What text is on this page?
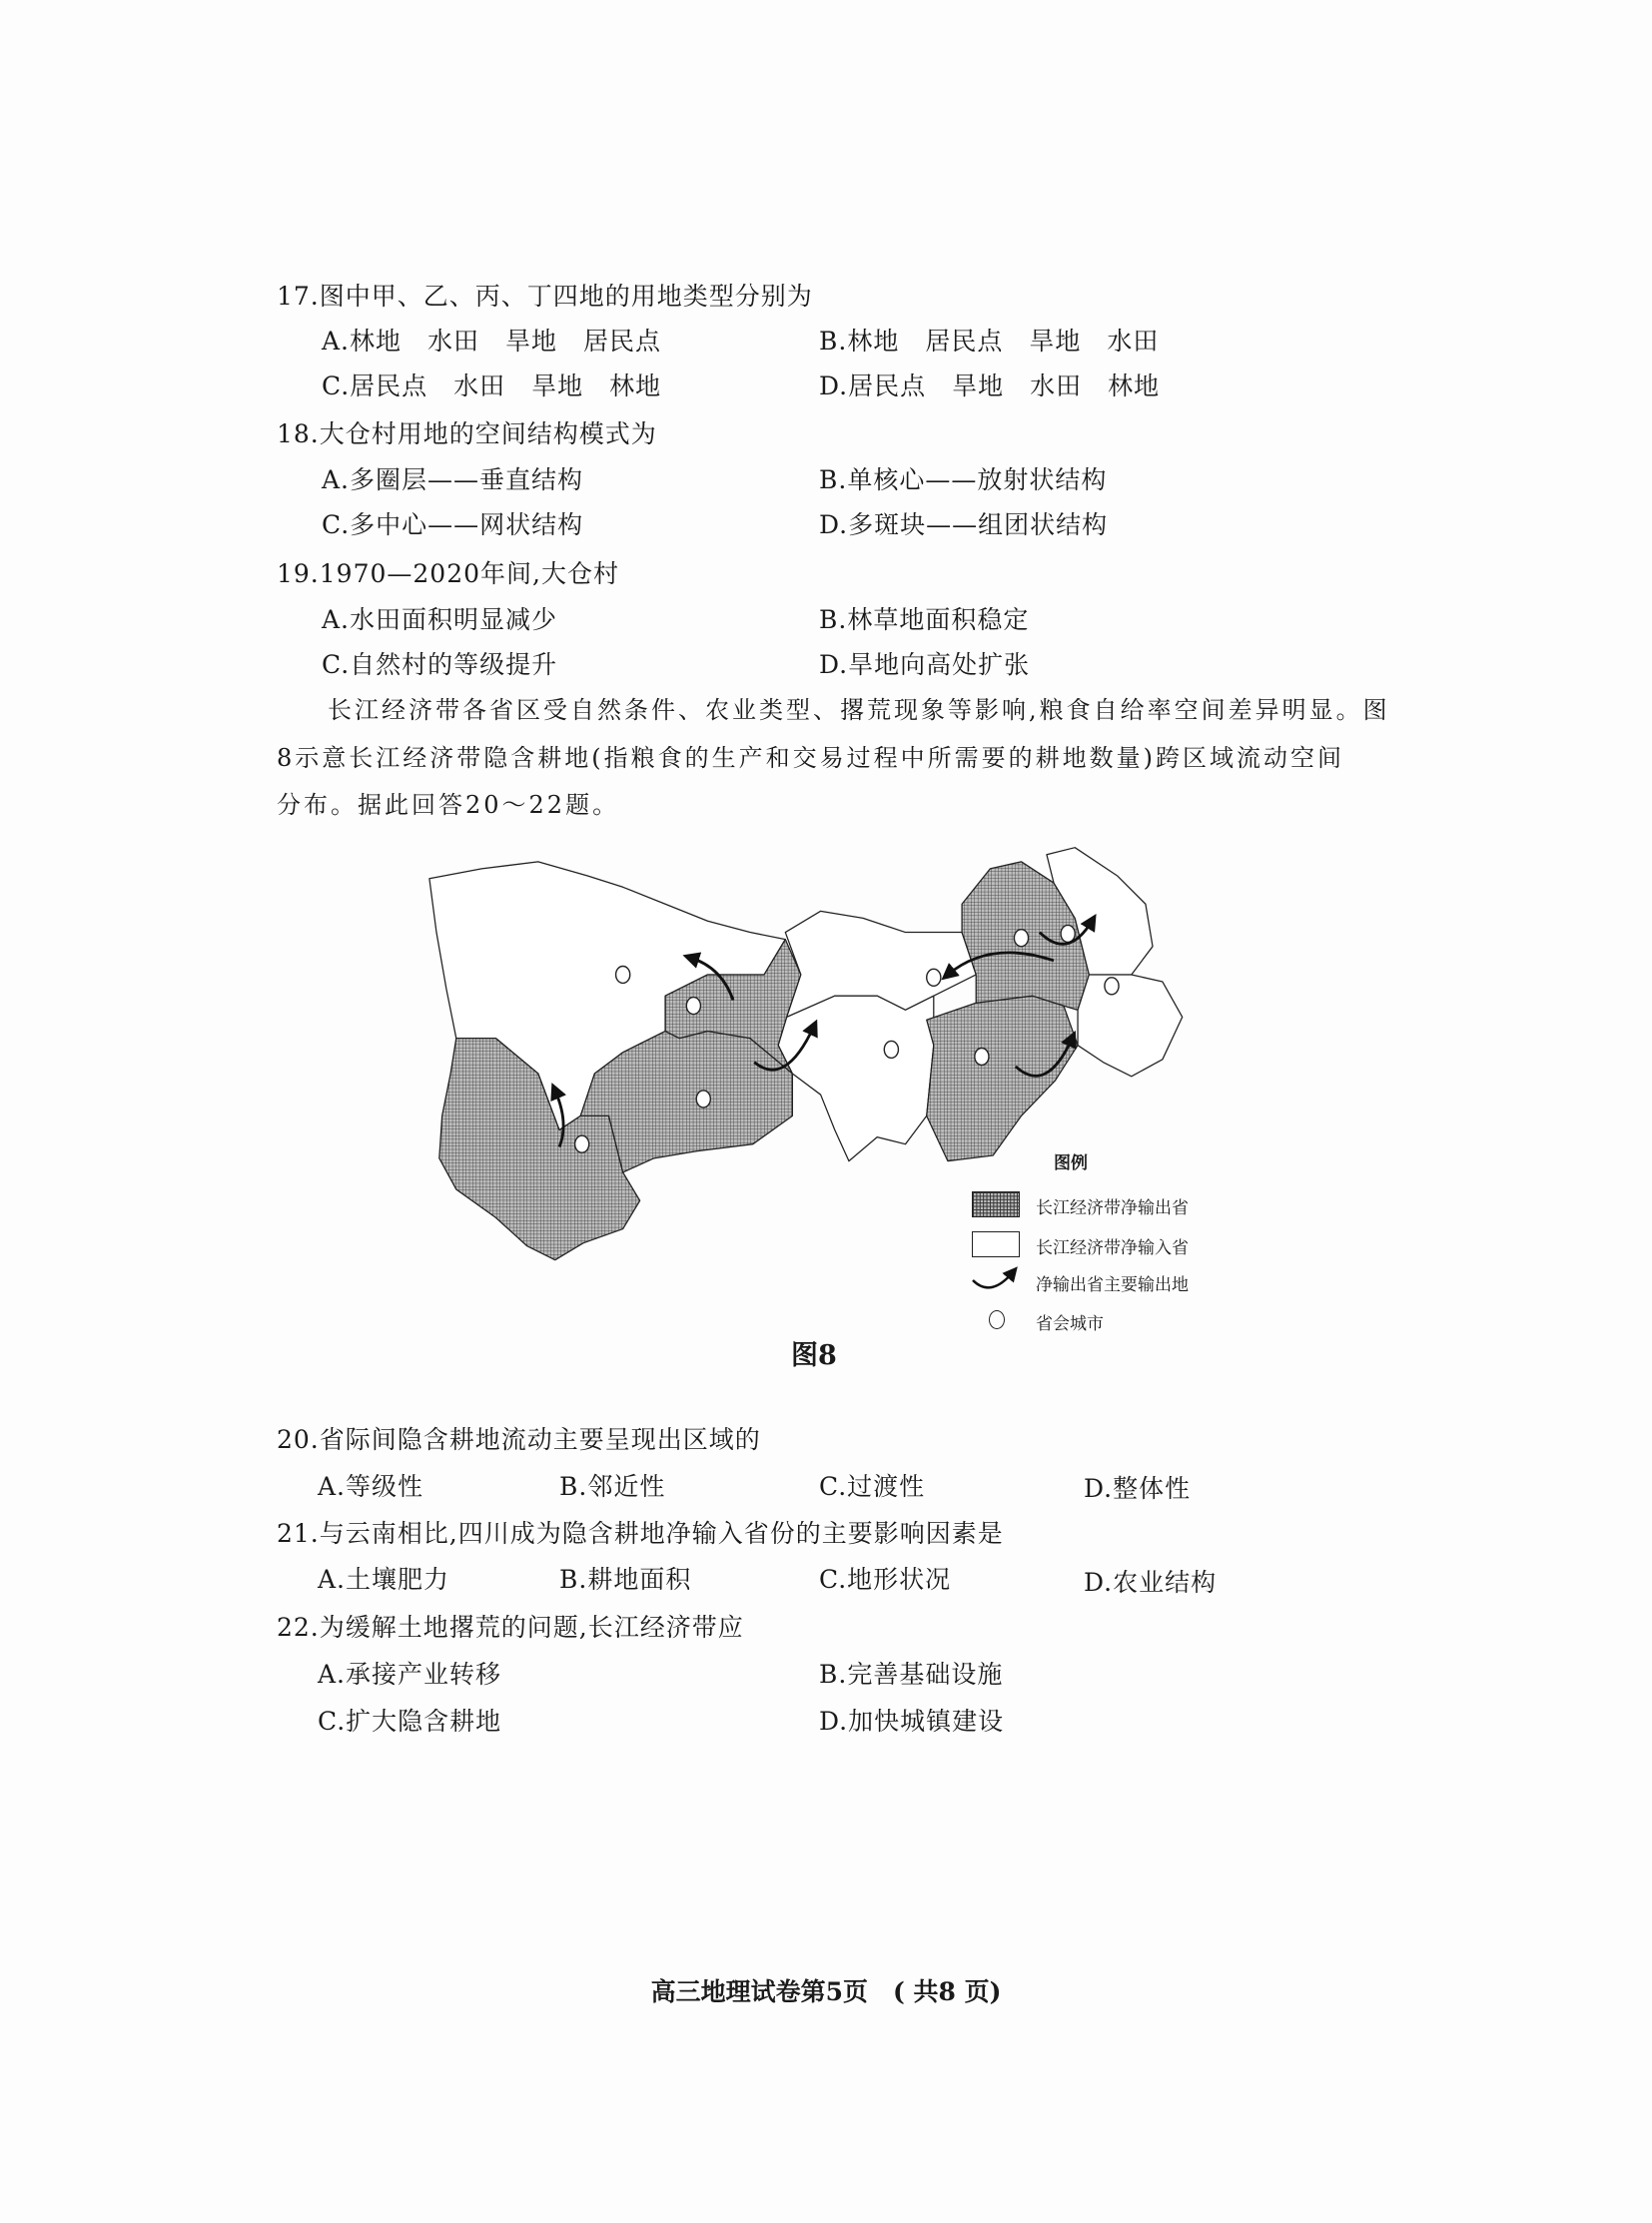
17.图中甲、乙、丙、丁四地的用地类型分别为
A.林地　水田　旱地　居民点	B.林地　居民点　旱地　水田
C.居民点　水田　旱地　林地	D.居民点　旱地　水田　林地
18.大仓村用地的空间结构模式为
A.多圈层——垂直结构	B.单核心——放射状结构
C.多中心——网状结构	D.多斑块——组团状结构
19.1970—2020年间,大仓村
A.水田面积明显减少	B.林草地面积稳定
C.自然村的等级提升	D.旱地向高处扩张
长江经济带各省区受自然条件、农业类型、撂荒现象等影响,粮食自给率空间差异明显。图
8示意长江经济带隐含耕地(指粮食的生产和交易过程中所需要的耕地数量)跨区域流动空间
分布。据此回答20～22题。
图例
长江经济带净输出省
长江经济带净输入省
净输出省主要输出地
省会城市
图8
20.省际间隐含耕地流动主要呈现出区域的
A.等级性	B.邻近性	C.过渡性	D.整体性
21.与云南相比,四川成为隐含耕地净输入省份的主要影响因素是
A.土壤肥力	B.耕地面积	C.地形状况	D.农业结构
22.为缓解土地撂荒的问题,长江经济带应
A.承接产业转移	B.完善基础设施
C.扩大隐含耕地	D.加快城镇建设
高三地理试卷第5页　( 共8 页)
